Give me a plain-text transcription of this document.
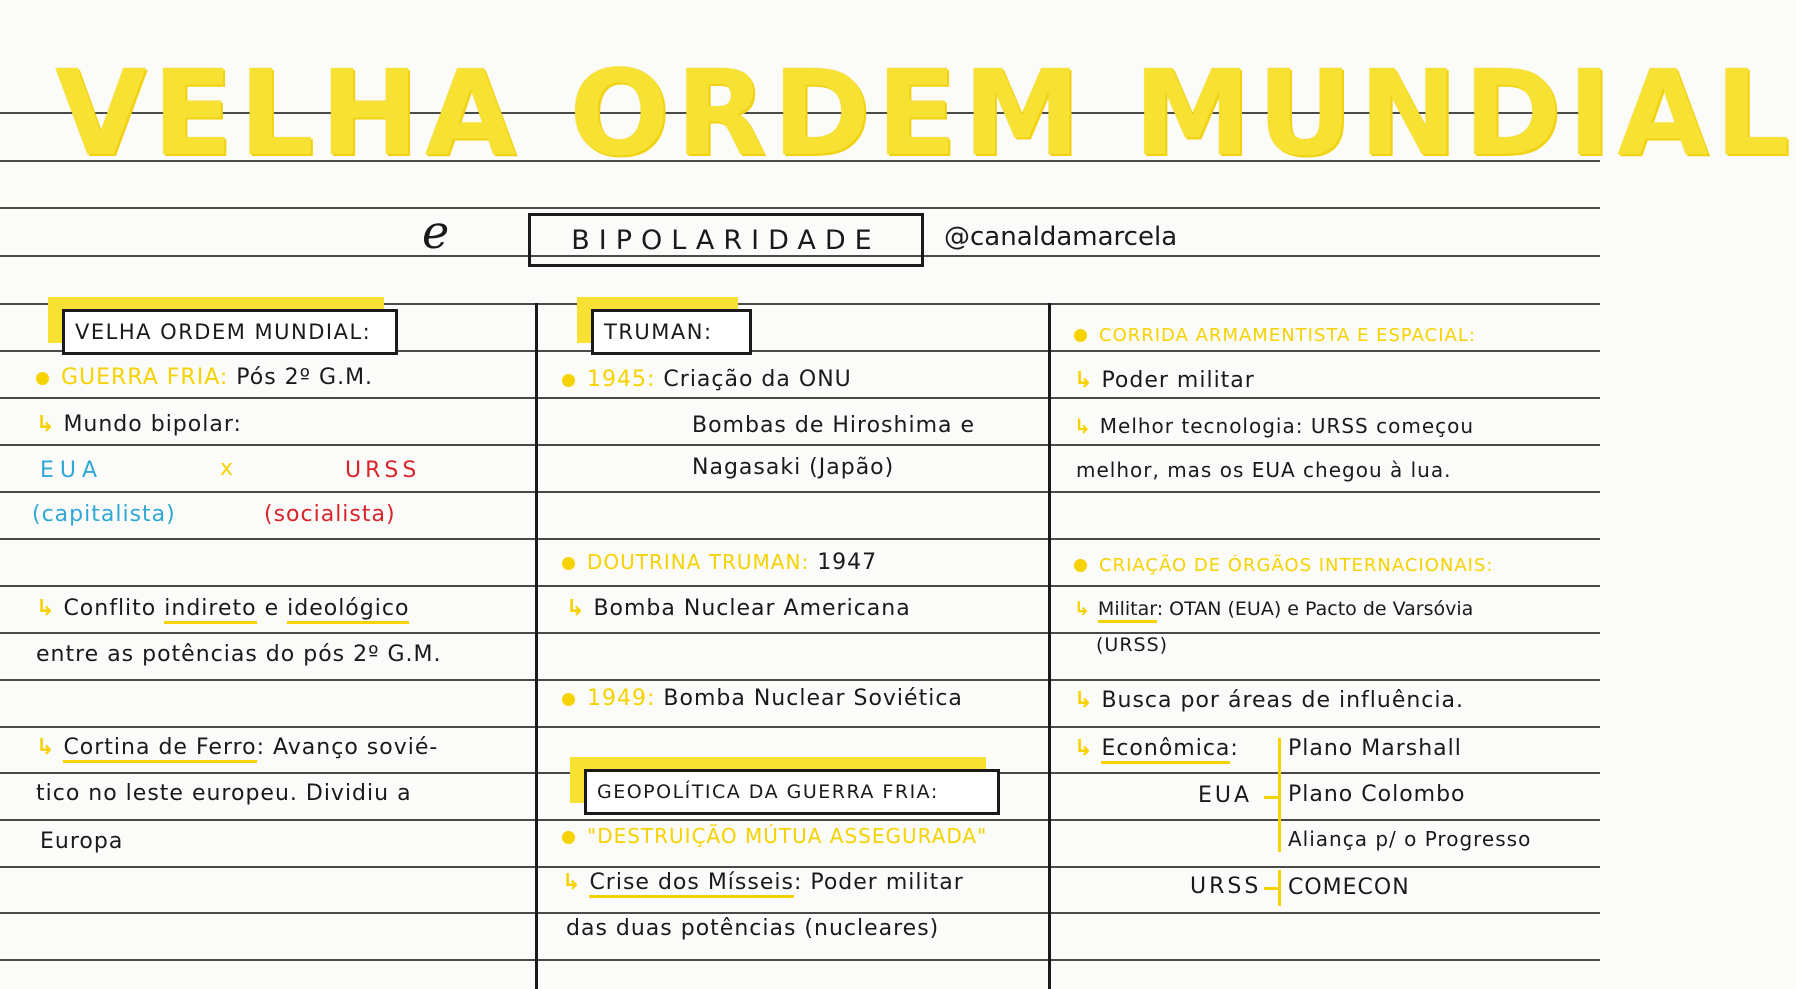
VELHA ORDEM MUNDIAL
e	BIPOLARIDADE @canaldamarcela
VELHA ORDEM MUNDIAL:
GUERRA FRIA: Pós 2º G.M.
↳ Mundo bipolar:
EUA	x	URSS
(capitalista)	(socialista)
↳ Conflito indireto e ideológico
entre as potências do pós 2º G.M.
↳ Cortina de Ferro: Avanço sovié-
tico no leste europeu. Dividiu a
Europa
TRUMAN:
1945: Criação da ONU
Bombas de Hiroshima e
Nagasaki (Japão)
DOUTRINA TRUMAN: 1947
↳ Bomba Nuclear Americana
1949: Bomba Nuclear Soviética
GEOPOLÍTICA DA GUERRA FRIA:
"DESTRUIÇÃO MÚTUA ASSEGURADA"
↳ Crise dos Mísseis: Poder militar
das duas potências (nucleares)
CORRIDA ARMAMENTISTA E ESPACIAL:
↳ Poder militar
↳ Melhor tecnologia: URSS começou
melhor, mas os EUA chegou à lua.
CRIAÇÃO DE ÓRGÃOS INTERNACIONAIS:
↳ Militar: OTAN (EUA) e Pacto de Varsóvia
(URSS)
↳ Busca por áreas de influência.
↳ Econômica: Plano Marshall
EUA Plano Colombo
Aliança p/ o Progresso
URSS COMECON
